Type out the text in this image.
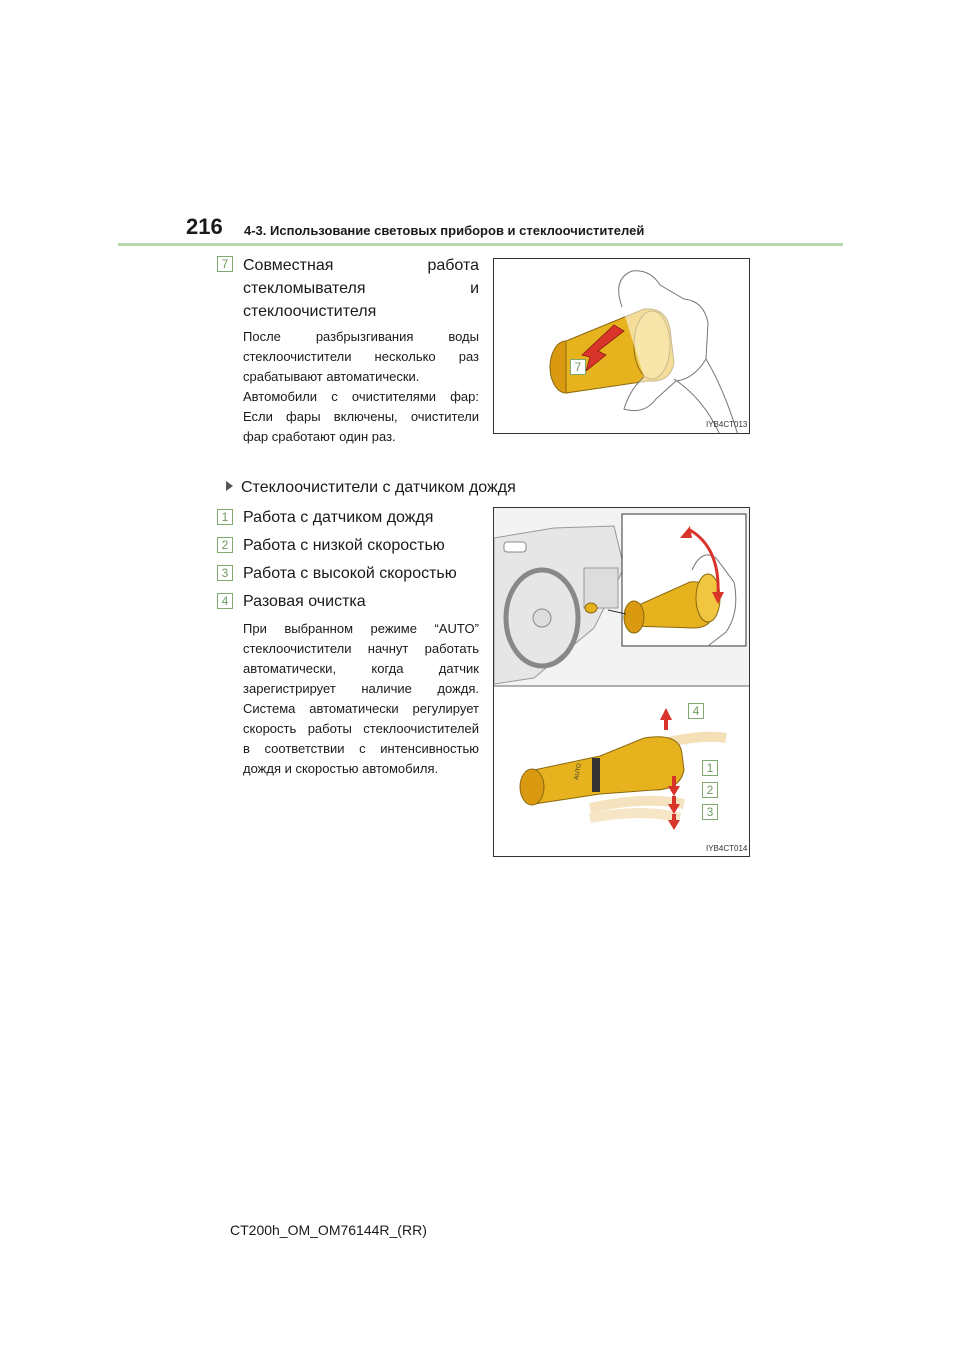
216 4-3. Использование световых приборов и стеклоочистителей
7 Совместная работа
стекломывателя и
стеклоочистителя
После разбрызгивания воды
стеклоочистители несколько раз
срабатывают автоматически.
Автомобили с очистителями фар:
Если фары включены, очистители
фар сработают один раз.
7
IYB4CT013
Стеклоочистители с датчиком дождя
1 Работа с датчиком дождя
2 Работа с низкой скоростью
3 Работа с высокой скоростью
4 Разовая очистка
При выбранном режиме “AUTO”
стеклоочистители начнут работать
автоматически, когда датчик
зарегистрирует наличие дождя.
Система автоматически регулирует
скорость работы стеклоочистителей
в соответствии с интенсивностью
дождя и скоростью автомобиля.	AUTO
4
1
2
3
IYB4CT014
CT200h_OM_OM76144R_(RR)
